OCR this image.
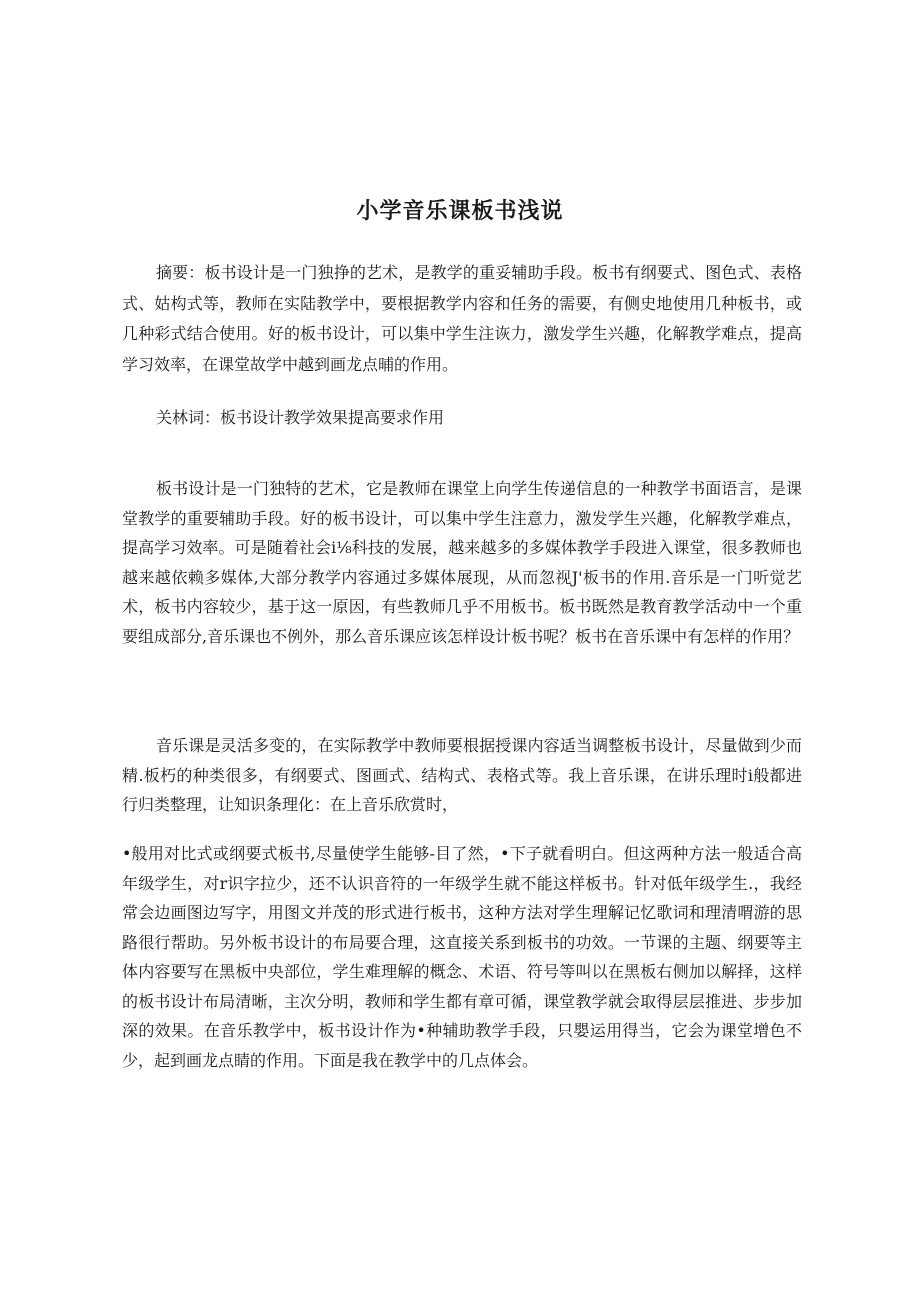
小学音乐课板书浅说

摘要：板书设计是一门独挣的艺术，是教学的重妥辅助手段。板书有纲要式、图色式、表格式、姑构式等，教师在实陆教学中，要根据教学内容和任务的需要，有侧史地使用几种板书，或几种彩式结合使用。好的板书设计，可以集中学生注诙力，激发学生兴趣，化解教学难点，提高学习效率，在课堂故学中越到画龙点晡的作用。

关林词：板书设计教学效果提高要求作用

板书设计是一门独特的艺术，它是教师在课堂上向学生传递信息的一种教学书面语言，是课堂教学的重要辅助手段。好的板书设计，可以集中学生注意力，激发学生兴趣，化解教学难点，提高学习效率。可是随着社会i⅛科技的发展，越来越多的多媒体教学手段进入课堂，很多教师也越来越依赖多媒体,大部分教学内容通过多媒体展现，从而忽视J'板书的作用.音乐是一门听觉艺术，板书内容较少，基于这一原因，有些教师几乎不用板书。板书既然是教育教学活动中一个重要组成部分,音乐课也不例外，那么音乐课应该怎样设计板书呢？板书在音乐课中有怎样的作用？

音乐课是灵活多变的，在实际教学中教师要根据授课内容适当调整板书设计，尽量做到少而精.板朽的种类很多，有纲要式、图画式、结构式、表格式等。我上音乐课，在讲乐理时i般都进行归类整理，让知识条理化：在上音乐欣赏时，

•般用对比式或纲要式板书,尽量使学生能够-目了然，•下子就看明白。但这两种方法一般适合高年级学生，对r识字拉少，还不认识音符的一年级学生就不能这样板书。针对低年级学生.，我经常会边画图边写字，用图文并茂的形式进行板书，这种方法对学生理解记忆歌词和理清喟游的思路很行帮助。另外板书设计的布局要合理，这直接关系到板书的功效。一节课的主题、纲要等主体内容要写在黑板中央部位，学生难理解的概念、术语、符号等叫以在黑板右侧加以解择，这样的板书设计布局清晰，主次分明，教师和学生都有章可循，课堂教学就会取得层层推进、步步加深的效果。在音乐教学中，板书设计作为•种辅助教学手段，只嬰运用得当，它会为课堂增色不少，起到画龙点睛的作用。下面是我在教学中的几点体会。
